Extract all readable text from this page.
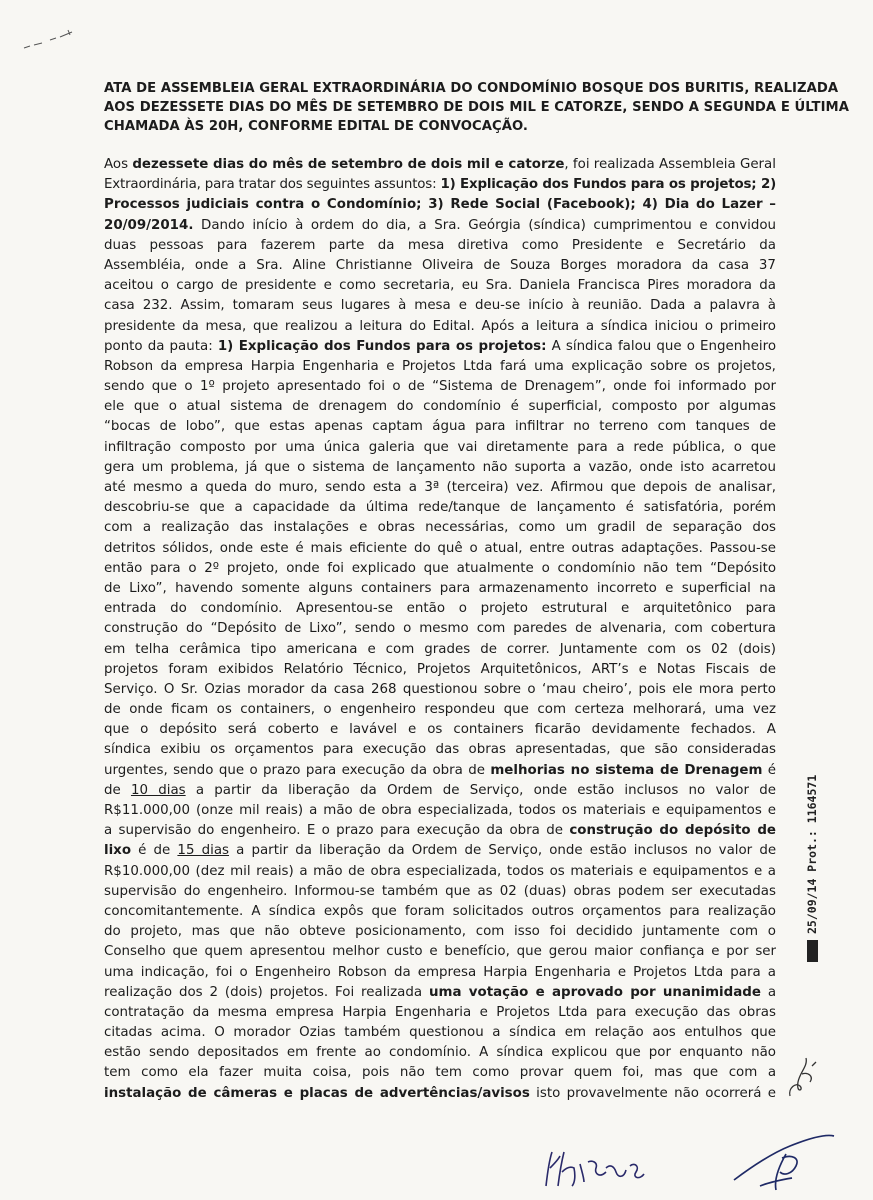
ATA DE ASSEMBLEIA GERAL EXTRAORDINÁRIA DO CONDOMÍNIO BOSQUE DOS BURITIS, REALIZADA
AOS DEZESSETE DIAS DO MÊS DE SETEMBRO DE DOIS MIL E CATORZE, SENDO A SEGUNDA E ÚLTIMA
CHAMADA ÀS 20H, CONFORME EDITAL DE CONVOCAÇÃO.
Aos dezessete dias do mês de setembro de dois mil e catorze, foi realizada Assembleia Geral
Extraordinária, para tratar dos seguintes assuntos: 1) Explicação dos Fundos para os projetos; 2)
Processos judiciais contra o Condomínio; 3) Rede Social (Facebook); 4) Dia do Lazer –
20/09/2014. Dando início à ordem do dia, a Sra. Geórgia (síndica) cumprimentou e convidou
duas pessoas para fazerem parte da mesa diretiva como Presidente e Secretário da
Assembléia, onde a Sra. Aline Christianne Oliveira de Souza Borges moradora da casa 37
aceitou o cargo de presidente e como secretaria, eu Sra. Daniela Francisca Pires moradora da
casa 232. Assim, tomaram seus lugares à mesa e deu-se início à reunião. Dada a palavra à
presidente da mesa, que realizou a leitura do Edital. Após a leitura a síndica iniciou o primeiro
ponto da pauta: 1) Explicação dos Fundos para os projetos: A síndica falou que o Engenheiro
Robson da empresa Harpia Engenharia e Projetos Ltda fará uma explicação sobre os projetos,
sendo que o 1º projeto apresentado foi o de “Sistema de Drenagem”, onde foi informado por
ele que o atual sistema de drenagem do condomínio é superficial, composto por algumas
“bocas de lobo”, que estas apenas captam água para infiltrar no terreno com tanques de
infiltração composto por uma única galeria que vai diretamente para a rede pública, o que
gera um problema, já que o sistema de lançamento não suporta a vazão, onde isto acarretou
até mesmo a queda do muro, sendo esta a 3ª (terceira) vez. Afirmou que depois de analisar,
descobriu-se que a capacidade da última rede/tanque de lançamento é satisfatória, porém
com a realização das instalações e obras necessárias, como um gradil de separação dos
detritos sólidos, onde este é mais eficiente do quê o atual, entre outras adaptações. Passou-se
então para o 2º projeto, onde foi explicado que atualmente o condomínio não tem “Depósito
de Lixo”, havendo somente alguns containers para armazenamento incorreto e superficial na
entrada do condomínio. Apresentou-se então o projeto estrutural e arquitetônico para
construção do “Depósito de Lixo”, sendo o mesmo com paredes de alvenaria, com cobertura
em telha cerâmica tipo americana e com grades de correr. Juntamente com os 02 (dois)
projetos foram exibidos Relatório Técnico, Projetos Arquitetônicos, ART’s e Notas Fiscais de
Serviço. O Sr. Ozias morador da casa 268 questionou sobre o ‘mau cheiro’, pois ele mora perto
de onde ficam os containers, o engenheiro respondeu que com certeza melhorará, uma vez
que o depósito será coberto e lavável e os containers ficarão devidamente fechados. A
síndica exibiu os orçamentos para execução das obras apresentadas, que são consideradas
urgentes, sendo que o prazo para execução da obra de melhorias no sistema de Drenagem é
de 10 dias a partir da liberação da Ordem de Serviço, onde estão inclusos no valor de
R$11.000,00 (onze mil reais) a mão de obra especializada, todos os materiais e equipamentos e
a supervisão do engenheiro. E o prazo para execução da obra de construção do depósito de
lixo é de 15 dias a partir da liberação da Ordem de Serviço, onde estão inclusos no valor de
R$10.000,00 (dez mil reais) a mão de obra especializada, todos os materiais e equipamentos e a
supervisão do engenheiro. Informou-se também que as 02 (duas) obras podem ser executadas
concomitantemente. A síndica expôs que foram solicitados outros orçamentos para realização
do projeto, mas que não obteve posicionamento, com isso foi decidido juntamente com o
Conselho que quem apresentou melhor custo e benefício, que gerou maior confiança e por ser
uma indicação, foi o Engenheiro Robson da empresa Harpia Engenharia e Projetos Ltda para a
realização dos 2 (dois) projetos. Foi realizada uma votação e aprovado por unanimidade a
contratação da mesma empresa Harpia Engenharia e Projetos Ltda para execução das obras
citadas acima. O morador Ozias também questionou a síndica em relação aos entulhos que
estão sendo depositados em frente ao condomínio. A síndica explicou que por enquanto não
tem como ela fazer muita coisa, pois não tem como provar quem foi, mas que com a
instalação de câmeras e placas de advertências/avisos isto provavelmente não ocorrerá e
25/09/14 Prot.: 1164571
